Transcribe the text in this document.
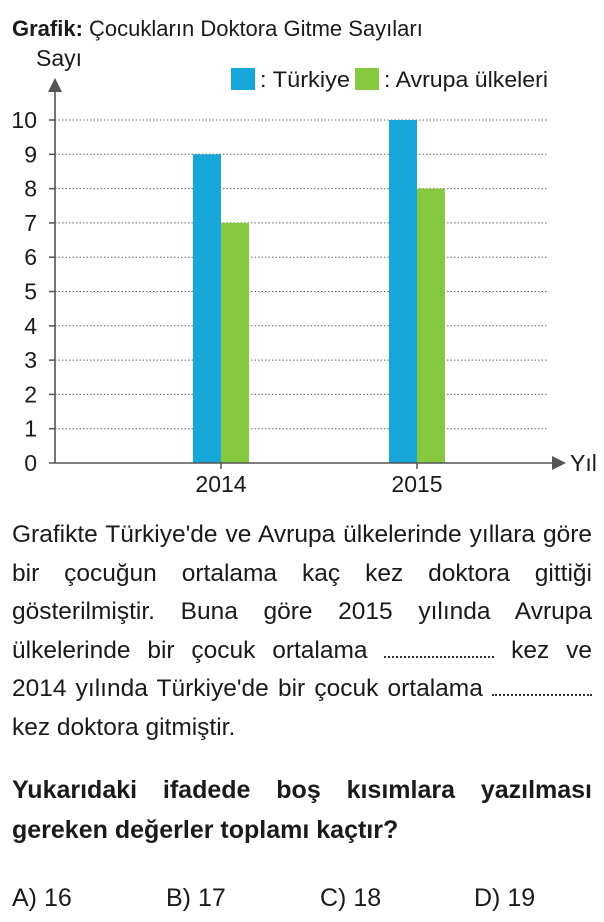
Grafik: Çocukların Doktora Gitme Sayıları
0
1
2
3
4
5
6
7
8
9
10
2014	2015
Sayı
Yıl
: Türkiye : Avrupa ülkeleri
Grafikte Türkiye'de ve Avrupa ülkelerinde yıllara göre bir çocuğun ortalama kaç kez doktora gittiği gösterilmiştir. Buna göre 2015 yılında Avrupa ülkelerinde bir çocuk ortalama	kez ve 2014 yılında Türkiye'de bir çocuk ortalama  kez doktora gitmiştir.
Yukarıdaki ifadede boş kısımlara yazılması gereken değerler toplamı kaçtır?
A) 16	B) 17	C) 18	D) 19
